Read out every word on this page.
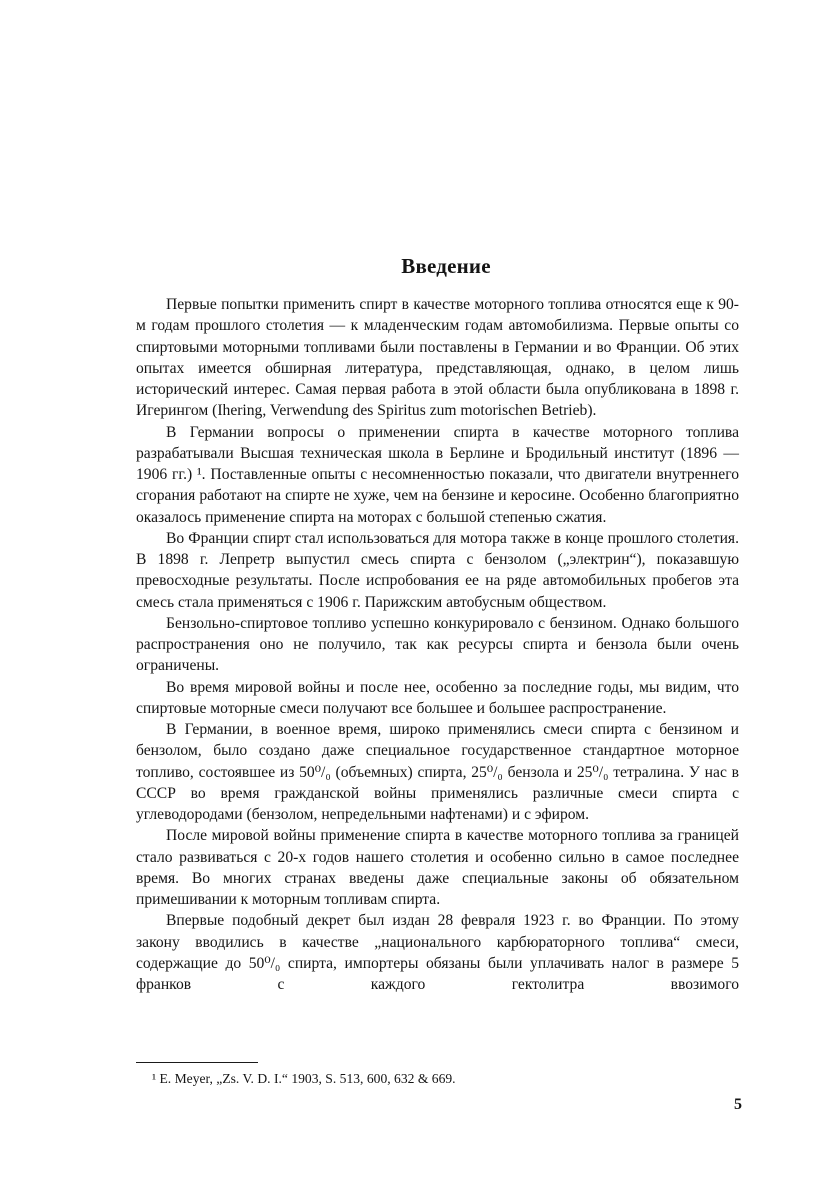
Введение

Первые попытки применить спирт в качестве моторного топлива относятся еще к 90-м годам прошлого столетия — к младенческим годам автомобилизма. Первые опыты со спиртовыми моторными топливами были поставлены в Германии и во Франции. Об этих опытах имеется обширная литература, представляющая, однако, в целом лишь исторический интерес. Самая первая работа в этой области была опубликована в 1898 г. Игерингом (Ihering, Verwendung des Spiritus zum motorischen Betrieb).

В Германии вопросы о применении спирта в качестве моторного топлива разрабатывали Высшая техническая школа в Берлине и Бродильный институт (1896 — 1906 гг.) ¹. Поставленные опыты с несомненностью показали, что двигатели внутреннего сгорания работают на спирте не хуже, чем на бензине и керосине. Особенно благоприятно оказалось применение спирта на моторах с большой степенью сжатия.

Во Франции спирт стал использоваться для мотора также в конце прошлого столетия. В 1898 г. Лепретр выпустил смесь спирта с бензолом („электрин“), показавшую превосходные результаты. После испробования ее на ряде автомобильных пробегов эта смесь стала применяться с 1906 г. Парижским автобусным обществом.

Бензольно-спиртовое топливо успешно конкурировало с бензином. Однако большого распространения оно не получило, так как ресурсы спирта и бензола были очень ограничены.

Во время мировой войны и после нее, особенно за последние годы, мы видим, что спиртовые моторные смеси получают все большее и большее распространение.

В Германии, в военное время, широко применялись смеси спирта с бензином и бензолом, было создано даже специальное государственное стандартное моторное топливо, состоявшее из 50⁰/₀ (объемных) спирта, 25⁰/₀ бензола и 25⁰/₀ тетралина. У нас в СССР во время гражданской войны применялись различные смеси спирта с углеводородами (бензолом, непредельными нафтенами) и с эфиром.

После мировой войны применение спирта в качестве моторного топлива за границей стало развиваться с 20-х годов нашего столетия и особенно сильно в самое последнее время. Во многих странах введены даже специальные законы об обязательном примешивании к моторным топливам спирта.

Впервые подобный декрет был издан 28 февраля 1923 г. во Франции. По этому закону вводились в качестве „национального карбюраторного топлива“ смеси, содержащие до 50⁰/₀ спирта, импортеры обязаны были уплачивать налог в размере 5 франков с каждого гектолитра ввозимого

¹ E. Meyer, „Zs. V. D. I.“ 1903, S. 513, 600, 632 & 669.

5
